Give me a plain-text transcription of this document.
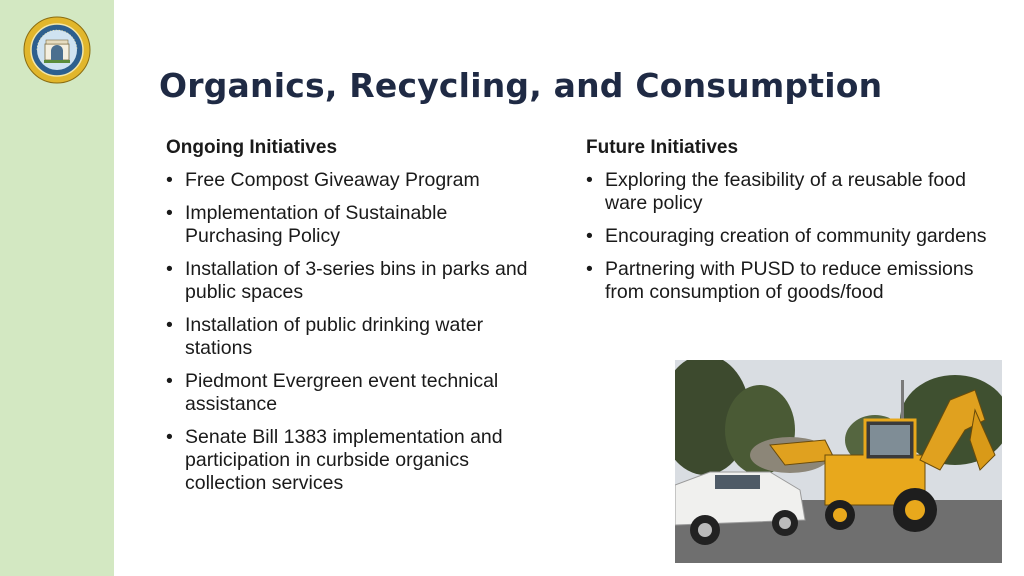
Organics, Recycling, and Consumption
Ongoing Initiatives
• Free Compost Giveaway Program
• Implementation of Sustainable Purchasing Policy
• Installation of 3-series bins in parks and public spaces
• Installation of public drinking water stations
• Piedmont Evergreen event technical assistance
• Senate Bill 1383 implementation and participation in curbside organics collection services
Future Initiatives
• Exploring the feasibility of a reusable food ware policy
• Encouraging creation of community gardens
• Partnering with PUSD to reduce emissions from consumption of goods/food
